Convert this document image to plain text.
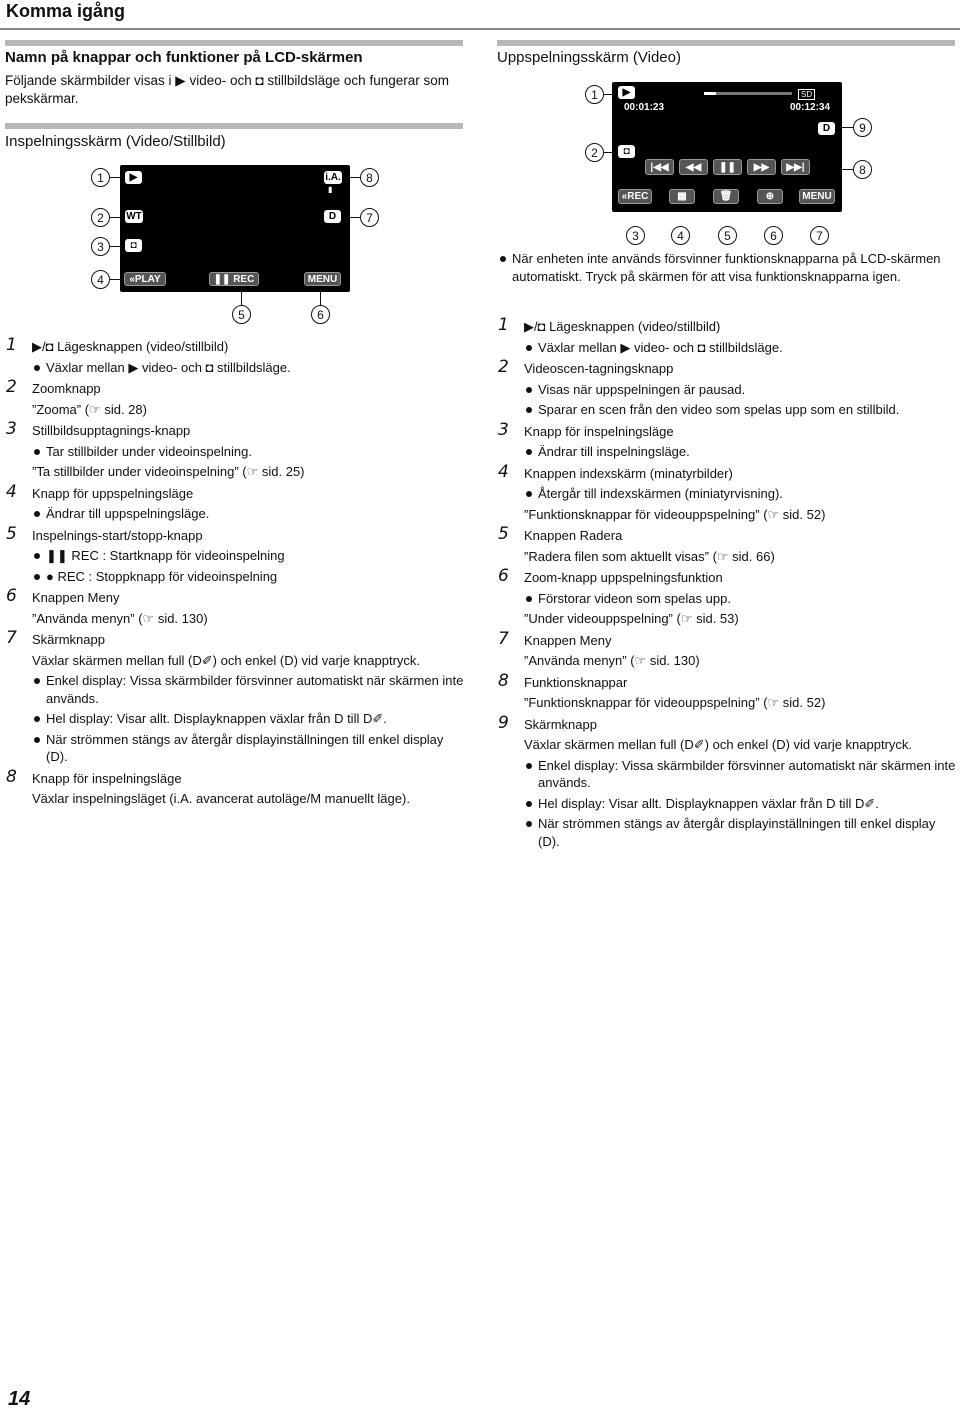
Komma igång
Namn på knappar och funktioner på LCD-skärmen
Följande skärmbilder visas i ▶ video- och ◘ stillbildsläge och fungerar som pekskärmar.
Inspelningsskärm (Video/Stillbild)
▶
WT
◘
«PLAY
i.A.
▮
D
❚❚ REC	MENU
1
2
3
4
5	6
7
8
1 ▶/◘ Lägesknappen (video/stillbild)
Växlar mellan ▶ video- och ◘ stillbildsläge.
2 Zoomknapp
”Zooma” (☞ sid. 28)
3 Stillbildsupptagnings-knapp
Tar stillbilder under videoinspelning.
”Ta stillbilder under videoinspelning” (☞ sid. 25)
4 Knapp för uppspelningsläge
Ändrar till uppspelningsläge.
5 Inspelnings-start/stopp-knapp
❚❚ REC : Startknapp för videoinspelning
● REC : Stoppknapp för videoinspelning
6 Knappen Meny
”Använda menyn” (☞ sid. 130)
7 Skärmknapp
Växlar skärmen mellan full (D✐) och enkel (D) vid varje knapptryck.
Enkel display: Vissa skärmbilder försvinner automatiskt när skärmen inte används.
Hel display: Visar allt. Displayknappen växlar från D till D✐.
När strömmen stängs av återgår displayinställningen till enkel display (D).
8 Knapp för inspelningsläge
Växlar inspelningsläget (i.A. avancerat autoläge/M manuellt läge).
Uppspelningsskärm (Video)
▶
00:01:23
SD
00:12:34
D
◘
|◀◀	◀◀	❚❚	▶▶	▶▶|
«REC	▦	🗑	⊕	MENU
1
2
3	4	5	6	7
8
9
När enheten inte används försvinner funktionsknapparna på LCD-skärmen automatiskt. Tryck på skärmen för att visa funktionsknapparna igen.
1 ▶/◘ Lägesknappen (video/stillbild)
Växlar mellan ▶ video- och ◘ stillbildsläge.
2 Videoscen-tagningsknapp
Visas när uppspelningen är pausad.
Sparar en scen från den video som spelas upp som en stillbild.
3 Knapp för inspelningsläge
Ändrar till inspelningsläge.
4 Knappen indexskärm (minatyrbilder)
Återgår till indexskärmen (miniatyrvisning).
”Funktionsknappar för videouppspelning” (☞ sid. 52)
5 Knappen Radera
”Radera filen som aktuellt visas” (☞ sid. 66)
6 Zoom-knapp uppspelningsfunktion
Förstorar videon som spelas upp.
”Under videouppspelning” (☞ sid. 53)
7 Knappen Meny
”Använda menyn” (☞ sid. 130)
8 Funktionsknappar
”Funktionsknappar för videouppspelning” (☞ sid. 52)
9 Skärmknapp
Växlar skärmen mellan full (D✐) och enkel (D) vid varje knapptryck.
Enkel display: Vissa skärmbilder försvinner automatiskt när skärmen inte används.
Hel display: Visar allt. Displayknappen växlar från D till D✐.
När strömmen stängs av återgår displayinställningen till enkel display (D).
14
